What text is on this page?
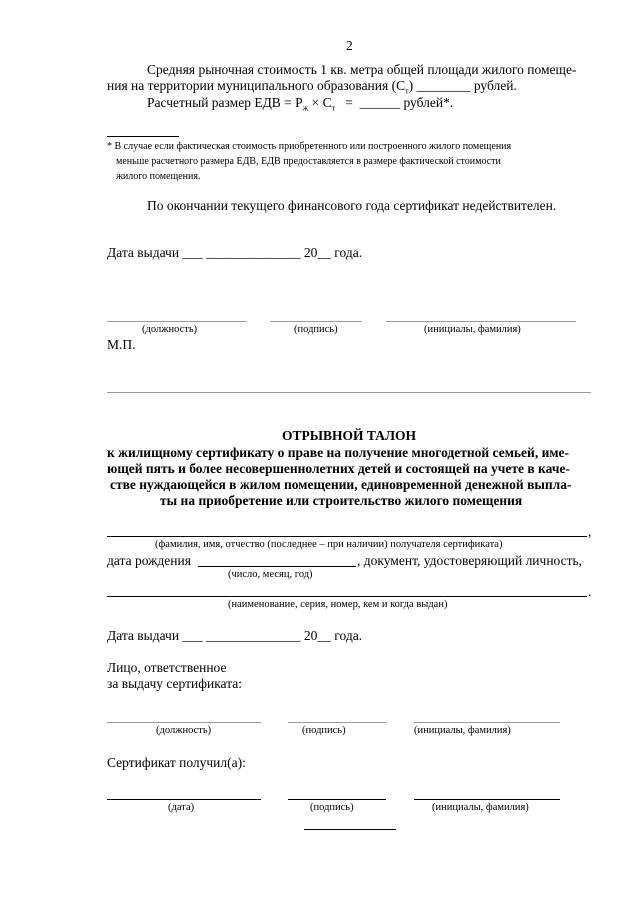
2
Средняя рыночная стоимость 1 кв. метра общей площади жилого помеще-
ния на территории муниципального образования $(С_т)$ ________ рублей.
Расчетный размер ЕДВ = $Р_ж \times С_т$   =  ______ рублей*.
* В случае если фактическая стоимость приобретенного или построенного жилого помещения
меньше расчетного размера ЕДВ, ЕДВ предоставляется в размере фактической стоимости
жилого помещения.
По окончании текущего финансового года сертификат недействителен.
Дата выдачи ___ ______________ 20__ года.
(должность)	(подпись)	(инициалы, фамилия)
М.П.
ОТРЫВНОЙ ТАЛОН
к жилищному сертификату о праве на получение многодетной семьей, име-
ющей пять и более несовершеннолетних детей и состоящей на учете в каче-
стве нуждающейся в жилом помещении, единовременной денежной выпла-
ты на приобретение или строительство жилого помещения
,
(фамилия, имя, отчество (последнее – при наличии) получателя сертификата)
дата рождения	, документ, удостоверяющий личность,
(число, месяц, год)
.
(наименование, серия, номер, кем и когда выдан)
Дата выдачи ___ ______________ 20__ года.
Лицо, ответственное
за выдачу сертификата:
(должность)	(подпись)	(инициалы, фамилия)
Сертификат получил(а):
(дата)	(подпись)	(инициалы, фамилия)
